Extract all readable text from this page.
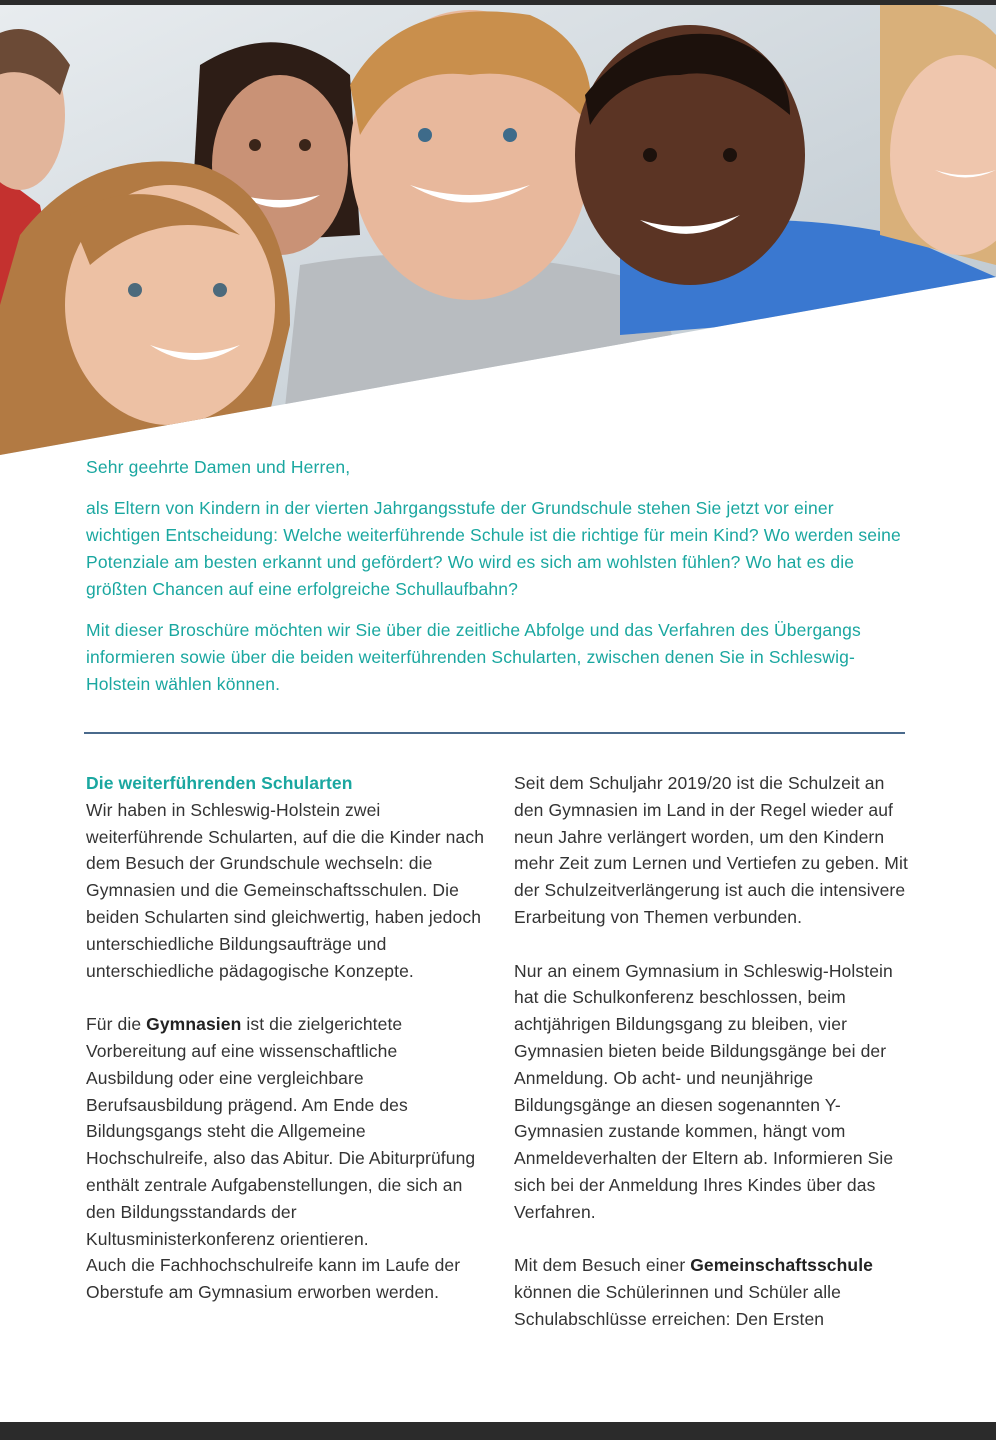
Sehr geehrte Damen und Herren,

als Eltern von Kindern in der vierten Jahrgangsstufe der Grundschule stehen Sie jetzt vor einer wichtigen Entscheidung: Welche weiterführende Schule ist die richtige für mein Kind? Wo werden seine Potenziale am besten erkannt und gefördert? Wo wird es sich am wohlsten fühlen? Wo hat es die größten Chancen auf eine erfolgreiche Schullaufbahn?

Mit dieser Broschüre möchten wir Sie über die zeitliche Abfolge und das Verfahren des Übergangs informieren sowie über die beiden weiterführenden Schularten, zwischen denen Sie in Schleswig-Holstein wählen können.

Die weiterführenden Schularten

Wir haben in Schleswig-Holstein zwei weiterführende Schularten, auf die die Kinder nach dem Besuch der Grundschule wechseln: die Gymnasien und die Gemeinschaftsschulen. Die beiden Schularten sind gleichwertig, haben jedoch unterschiedliche Bildungsaufträge und unterschiedliche pädagogische Konzepte.

Für die Gymnasien ist die zielgerichtete Vorbereitung auf eine wissenschaftliche Ausbildung oder eine vergleichbare Berufsausbildung prägend. Am Ende des Bildungsgangs steht die Allgemeine Hochschulreife, also das Abitur. Die Abiturprüfung enthält zentrale Aufgabenstellungen, die sich an den Bildungsstandards der Kultusministerkonferenz orientieren.

Auch die Fachhochschulreife kann im Laufe der Oberstufe am Gymnasium erworben werden.

Seit dem Schuljahr 2019/20 ist die Schulzeit an den Gymnasien im Land in der Regel wieder auf neun Jahre verlängert worden, um den Kindern mehr Zeit zum Lernen und Vertiefen zu geben. Mit der Schulzeitverlängerung ist auch die intensivere Erarbeitung von Themen verbunden.

Nur an einem Gymnasium in Schleswig-Holstein hat die Schulkonferenz beschlossen, beim achtjährigen Bildungsgang zu bleiben, vier Gymnasien bieten beide Bildungsgänge bei der Anmeldung. Ob acht- und neunjährige Bildungsgänge an diesen sogenannten Y-Gymnasien zustande kommen, hängt vom Anmeldeverhalten der Eltern ab. Informieren Sie sich bei der Anmeldung Ihres Kindes über das Verfahren.

Mit dem Besuch einer Gemeinschaftsschule können die Schülerinnen und Schüler alle Schulabschlüsse erreichen: Den Ersten
